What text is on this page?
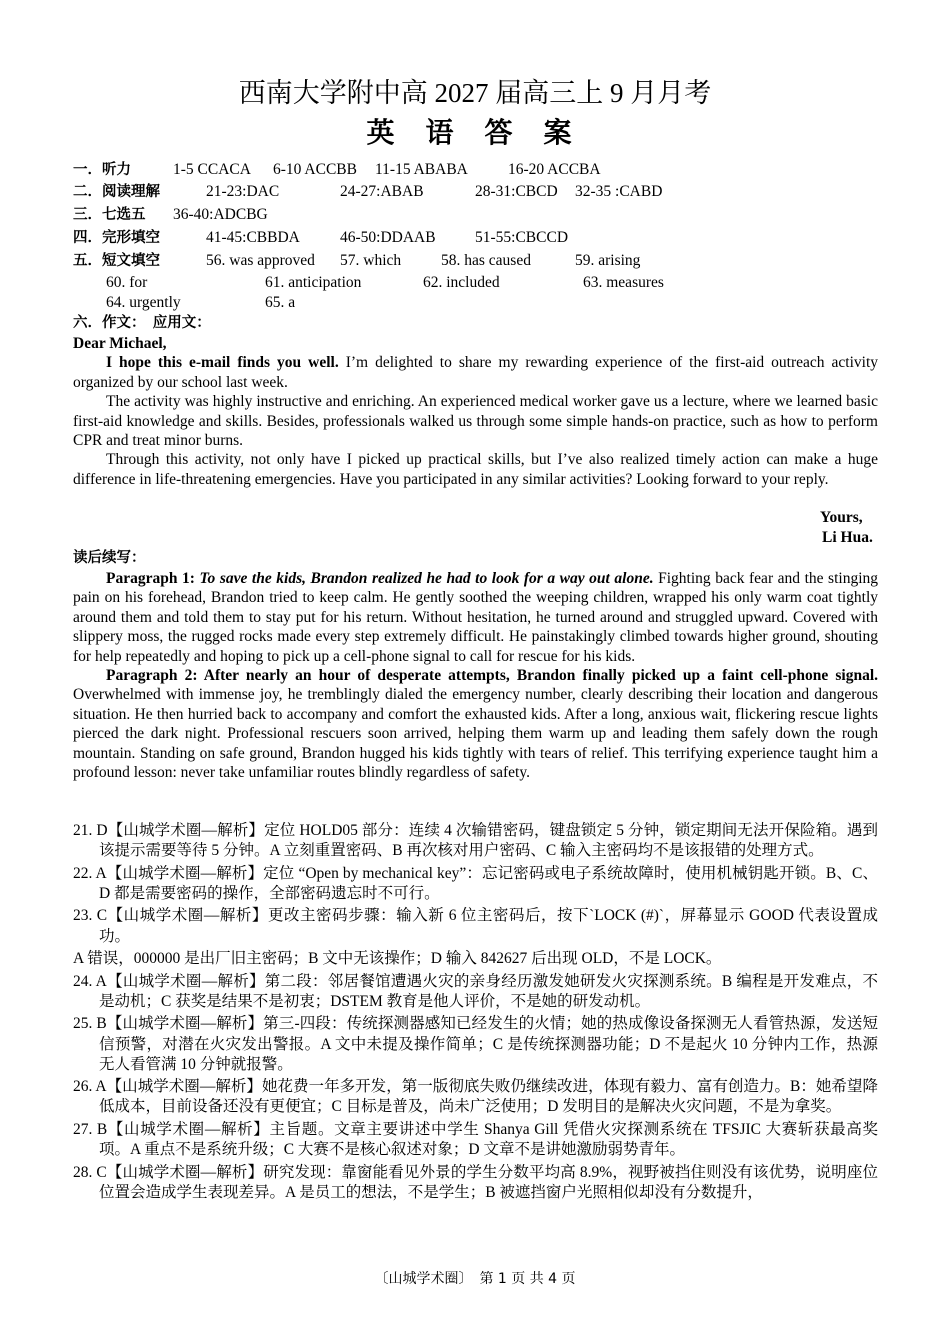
西南大学附中高 2027 届高三上 9 月月考
英 语 答 案
一．听力	1-5 CCACA 6-10 ACCBB 11-15 ABABA	16-20 ACCBA
二．阅读理解	21-23:DAC	24-27:ABAB	28-31:CBCD 32-35 :CABD
三．七选五 36-40:ADCBG
四．完形填空	41-45:CBBDA	46-50:DDAAB	51-55:CBCCD
五．短文填空	56. was approved 57. which	58. has caused	59. arising
60. for	61. anticipation	62. included	63. measures
64. urgently	65. a
六．作文：　应用文：

Dear Michael,

I hope this e-mail finds you well. I’m delighted to share my rewarding experience of the first-aid outreach activity organized by our school last week.

The activity was highly instructive and enriching. An experienced medical worker gave us a lecture, where we learned basic first-aid knowledge and skills. Besides, professionals walked us through some simple hands-on practice, such as how to perform CPR and treat minor burns.

Through this activity, not only have I picked up practical skills, but I’ve also realized timely action can make a huge difference in life-threatening emergencies. Have you participated in any similar activities? Looking forward to your reply.

Yours,
Li Hua.
读后续写：

Paragraph 1: To save the kids, Brandon realized he had to look for a way out alone. Fighting back fear and the stinging pain on his forehead, Brandon tried to keep calm. He gently soothed the weeping children, wrapped his only warm coat tightly around them and told them to stay put for his return. Without hesitation, he turned around and struggled upward. Covered with slippery moss, the rugged rocks made every step extremely difficult. He painstakingly climbed towards higher ground, shouting for help repeatedly and hoping to pick up a cell-phone signal to call for rescue for his kids.

Paragraph 2: After nearly an hour of desperate attempts, Brandon finally picked up a faint cell-phone signal. Overwhelmed with immense joy, he tremblingly dialed the emergency number, clearly describing their location and dangerous situation. He then hurried back to accompany and comfort the exhausted kids. After a long, anxious wait, flickering rescue lights pierced the dark night. Professional rescuers soon arrived, helping them warm up and leading them safely down the rough mountain. Standing on safe ground, Brandon hugged his kids tightly with tears of relief. This terrifying experience taught him a profound lesson: never take unfamiliar routes blindly regardless of safety.

21. D【山城学术圈—解析】定位 HOLD05 部分：连续 4 次输错密码，键盘锁定 5 分钟，锁定期间无法开保险箱。遇到该提示需要等待 5 分钟。A 立刻重置密码、B 再次核对用户密码、C 输入主密码均不是该报错的处理方式。

22. A【山城学术圈—解析】定位 “Open by mechanical key”：忘记密码或电子系统故障时，使用机械钥匙开锁。B、C、D 都是需要密码的操作，全部密码遗忘时不可行。

23. C【山城学术圈—解析】更改主密码步骤：输入新 6 位主密码后，按下`LOCK (#)`，屏幕显示 GOOD 代表设置成功。

A 错误，000000 是出厂旧主密码；B 文中无该操作；D 输入 842627 后出现 OLD，不是 LOCK。

24. A【山城学术圈—解析】第二段：邻居餐馆遭遇火灾的亲身经历激发她研发火灾探测系统。B 编程是开发难点，不是动机；C 获奖是结果不是初衷；DSTEM 教育是他人评价，不是她的研发动机。

25. B【山城学术圈—解析】第三-四段：传统探测器感知已经发生的火情；她的热成像设备探测无人看管热源，发送短信预警，对潜在火灾发出警报。A 文中未提及操作简单；C 是传统探测器功能；D 不是起火 10 分钟内工作，热源无人看管满 10 分钟就报警。

26. A【山城学术圈—解析】她花费一年多开发，第一版彻底失败仍继续改进，体现有毅力、富有创造力。B：她希望降低成本，目前设备还没有更便宜；C 目标是普及，尚未广泛使用；D 发明目的是解决火灾问题，不是为拿奖。

27. B【山城学术圈—解析】主旨题。文章主要讲述中学生 Shanya Gill 凭借火灾探测系统在 TFSJIC 大赛斩获最高奖项。A 重点不是系统升级；C 大赛不是核心叙述对象；D 文章不是讲她激励弱势青年。

28. C【山城学术圈—解析】研究发现：靠窗能看见外景的学生分数平均高 8.9%，视野被挡住则没有该优势，说明座位位置会造成学生表现差异。A 是员工的想法，不是学生；B 被遮挡窗户光照相似却没有分数提升，

〔山城学术圈〕　第 1 页 共 4 页
